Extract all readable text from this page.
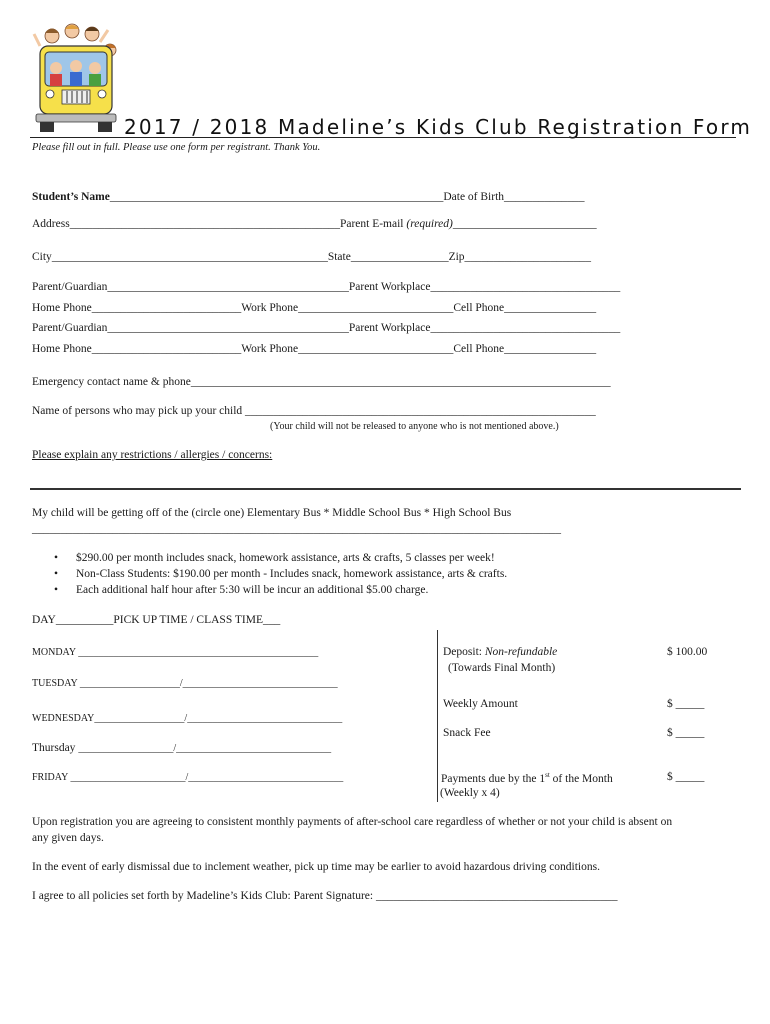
2017 / 2018 Madeline’s Kids Club Registration Form
Please fill out in full. Please use one form per registrant. Thank You.
Student’s Name__________________________________________________________Date of Birth______________
Address_______________________________________________Parent E-mail (required)_________________________
City________________________________________________State_________________Zip______________________
Parent/Guardian__________________________________________Parent Workplace_________________________________
Home Phone__________________________Work Phone___________________________Cell Phone________________
Parent/Guardian__________________________________________Parent Workplace_________________________________
Home Phone__________________________Work Phone___________________________Cell Phone________________
Emergency contact name & phone_________________________________________________________________________
Name of persons who may pick up your child _____________________________________________________________
(Your child will not be released to anyone who is not mentioned above.)
Please explain any restrictions / allergies / concerns:
My child will be getting off of the (circle one) Elementary Bus * Middle School Bus * High School Bus
____________________________________________________________________________________________
• $290.00 per month includes snack, homework assistance, arts & crafts, 5 classes per week!
• Non-Class Students: $190.00 per month - Includes snack, homework assistance, arts & crafts.
• Each additional half hour after 5:30 will be incur an additional $5.00 charge.
DAY__________PICK UP TIME / CLASS TIME___
MONDAY ________________________________________________
TUESDAY ____________________/_______________________________
WEDNESDAY__________________/_______________________________
Thursday ___________________/_______________________________
FRIDAY _______________________/_______________________________
Deposit: Non-refundable
(Towards Final Month)
$ 100.00
Weekly Amount	$ _____
Snack Fee	$ _____
Payments due by the 1st of the Month
(Weekly x 4)
$ _____
Upon registration you are agreeing to consistent monthly payments of after-school care regardless of whether or not your child is absent on
any given days.
In the event of early dismissal due to inclement weather, pick up time may be earlier to avoid hazardous driving conditions.
I agree to all policies set forth by Madeline’s Kids Club: Parent Signature: __________________________________________
